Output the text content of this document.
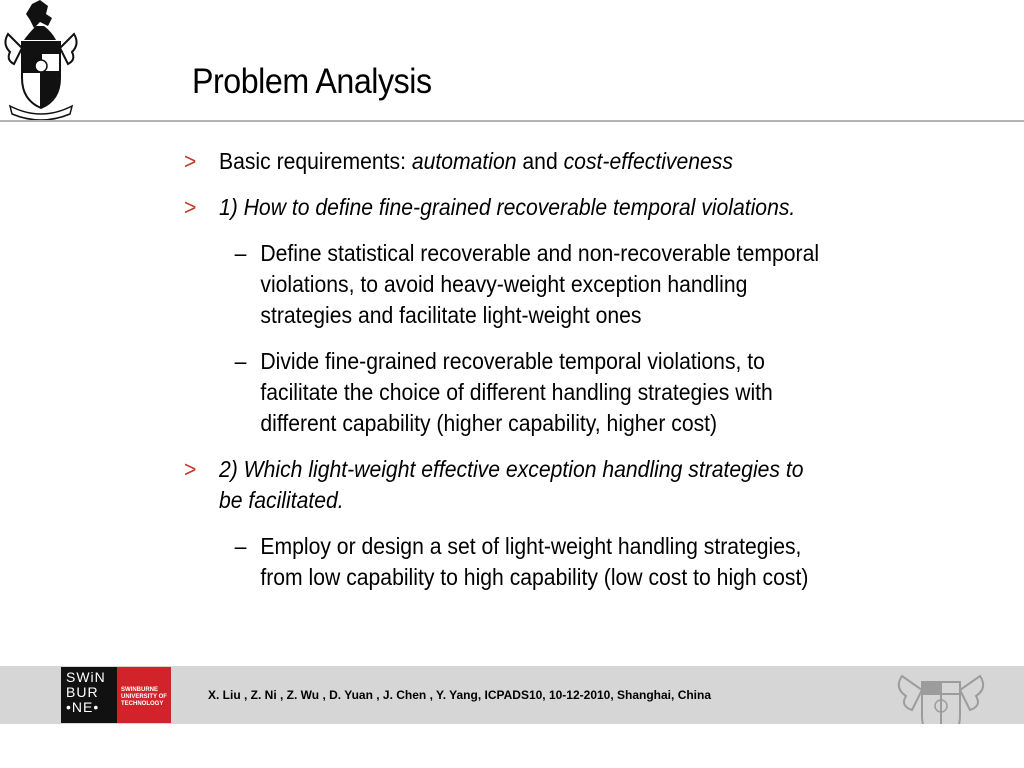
Problem Analysis
> Basic requirements: automation and cost-effectiveness
> 1) How to define fine-grained recoverable temporal violations.
– Define statistical recoverable and non-recoverable temporal
violations, to avoid heavy-weight exception handling
strategies and facilitate light-weight ones
– Divide fine-grained recoverable temporal violations, to
facilitate the choice of different handling strategies with
different capability (higher capability, higher cost)
> 2) Which light-weight effective exception handling strategies to
be facilitated.
– Employ or design a set of light-weight handling strategies,
from low capability to high capability (low cost to high cost)
SWiN
BUR
•NE•
SWINBURNE
UNIVERSITY OF
TECHNOLOGY
X. Liu , Z. Ni , Z. Wu , D. Yuan , J. Chen , Y. Yang, ICPADS10, 10-12-2010, Shanghai, China
